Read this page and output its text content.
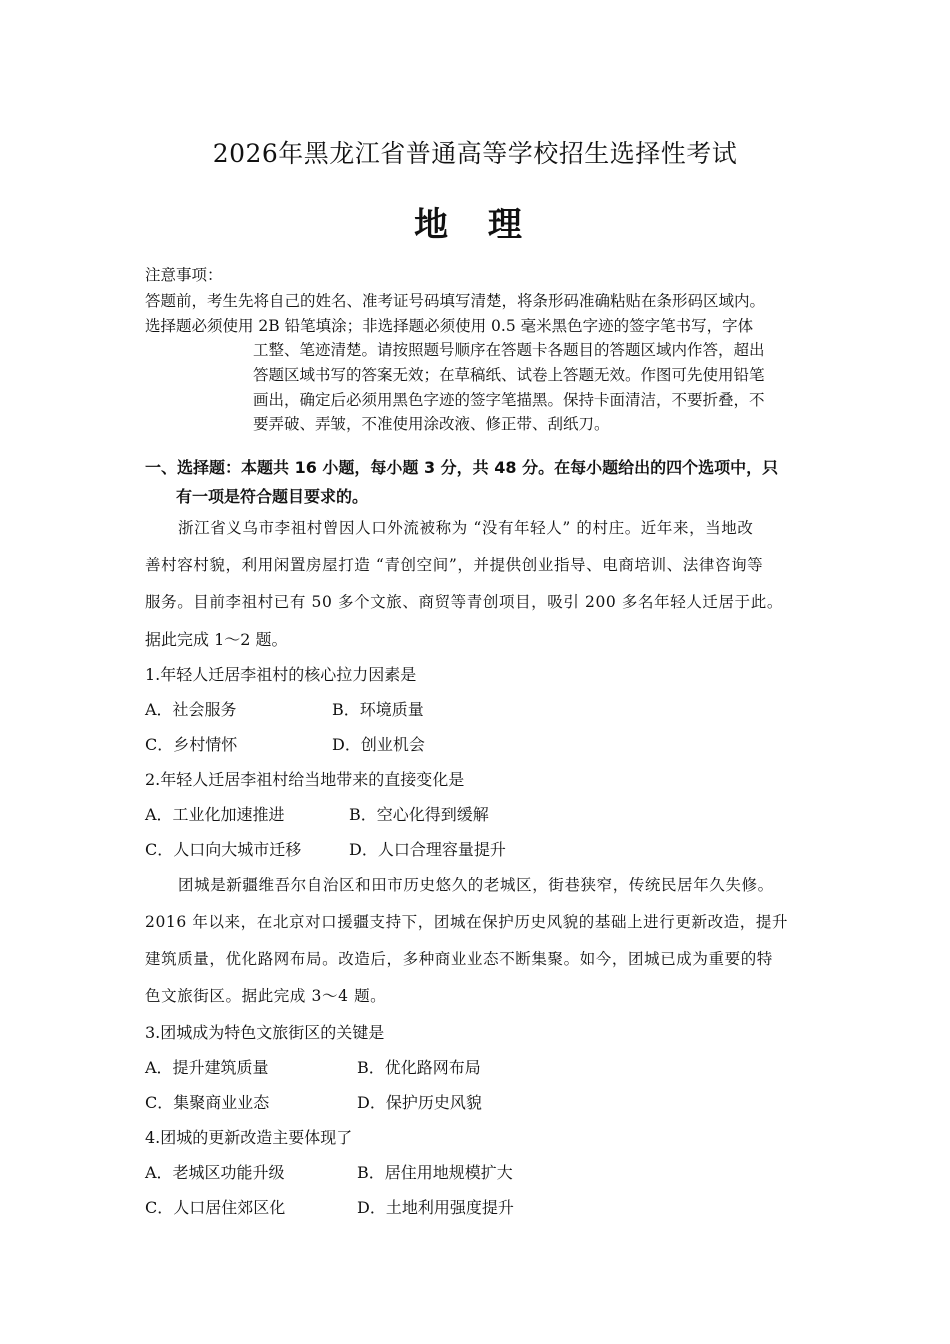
2026年黑龙江省普通高等学校招生选择性考试
地 理
注意事项：
答题前，考生先将自己的姓名、准考证号码填写清楚，将条形码准确粘贴在条形码区域内。
选择题必须使用 2B 铅笔填涂；非选择题必须使用 0.5 毫米黑色字迹的签字笔书写，字体
工整、笔迹清楚。请按照题号顺序在答题卡各题目的答题区域内作答，超出
答题区域书写的答案无效；在草稿纸、试卷上答题无效。作图可先使用铅笔
画出，确定后必须用黑色字迹的签字笔描黑。保持卡面清洁，不要折叠，不
要弄破、弄皱，不准使用涂改液、修正带、刮纸刀。
一、选择题：本题共 16 小题，每小题 3 分，共 48 分。在每小题给出的四个选项中，只
有一项是符合题目要求的。
浙江省义乌市李祖村曾因人口外流被称为 “没有年轻人” 的村庄。近年来，当地改
善村容村貌，利用闲置房屋打造 “青创空间”，并提供创业指导、电商培训、法律咨询等
服务。目前李祖村已有 50 多个文旅、商贸等青创项目，吸引 200 多名年轻人迁居于此。
据此完成 1～2 题。
1.年轻人迁居李祖村的核心拉力因素是
A．社会服务	B．环境质量
C．乡村情怀	D．创业机会
2.年轻人迁居李祖村给当地带来的直接变化是
A．工业化加速推进	B．空心化得到缓解
C．人口向大城市迁移	D．人口合理容量提升
团城是新疆维吾尔自治区和田市历史悠久的老城区，街巷狭窄，传统民居年久失修。
2016 年以来，在北京对口援疆支持下，团城在保护历史风貌的基础上进行更新改造，提升
建筑质量，优化路网布局。改造后，多种商业业态不断集聚。如今，团城已成为重要的特
色文旅街区。据此完成 3～4 题。
3.团城成为特色文旅街区的关键是
A．提升建筑质量	B．优化路网布局
C．集聚商业业态	D．保护历史风貌
4.团城的更新改造主要体现了
A．老城区功能升级	B．居住用地规模扩大
C．人口居住郊区化	D．土地利用强度提升
